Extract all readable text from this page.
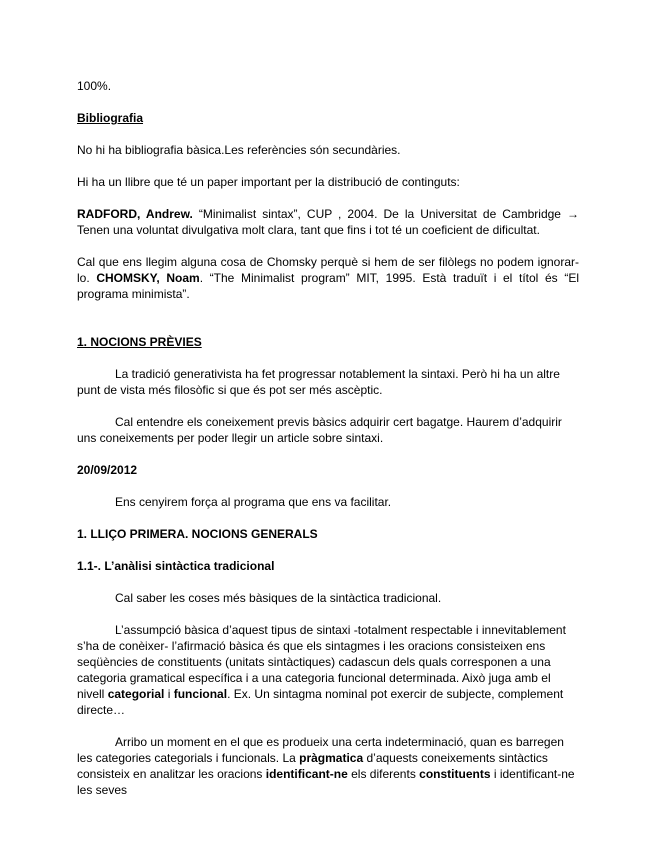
100%.

Bibliografia

No hi ha bibliografia bàsica.Les referències són secundàries.

Hi ha un llibre que té un paper important per la distribució de continguts:

RADFORD, Andrew. “Minimalist sintax”, CUP , 2004. De la Universitat de Cambridge → Tenen una voluntat divulgativa molt clara, tant que fins i tot té un coeficient de dificultat.

Cal que ens llegim alguna cosa de Chomsky perquè si hem de ser filòlegs no podem ignorar-lo. CHOMSKY, Noam. “The Minimalist program” MIT, 1995. Està traduït i el títol és “El programa minimista”.

1. NOCIONS PRÈVIES

La tradició generativista ha fet progressar notablement la sintaxi. Però hi ha un altre punt de vista més filosòfic si que és pot ser més ascèptic.

Cal entendre els coneixement previs bàsics adquirir cert bagatge. Haurem d’adquirir uns coneixements per poder llegir un article sobre sintaxi.

20/09/2012

Ens cenyirem força al programa que ens va facilitar.

1. LLIÇO PRIMERA. NOCIONS GENERALS

1.1-. L’anàlisi sintàctica tradicional

Cal saber les coses més bàsiques de la sintàctica tradicional.

L’assumpció bàsica d’aquest tipus de sintaxi -totalment respectable i innevitablement s’ha de conèixer- l’afirmació bàsica és que els sintagmes i les oracions consisteixen ens seqüències de constituents (unitats sintàctiques) cadascun dels quals corresponen a una categoria gramatical específica i a una categoria funcional determinada. Això juga amb el nivell categorial i funcional. Ex. Un sintagma nominal pot exercir de subjecte, complement directe…

Arribo un moment en el que es produeix una certa indeterminació, quan es barregen les categories categorials i funcionals. La pràgmatica d’aquests coneixements sintàctics consisteix en analitzar les oracions identificant-ne els diferents constituents i identificant-ne les seves
